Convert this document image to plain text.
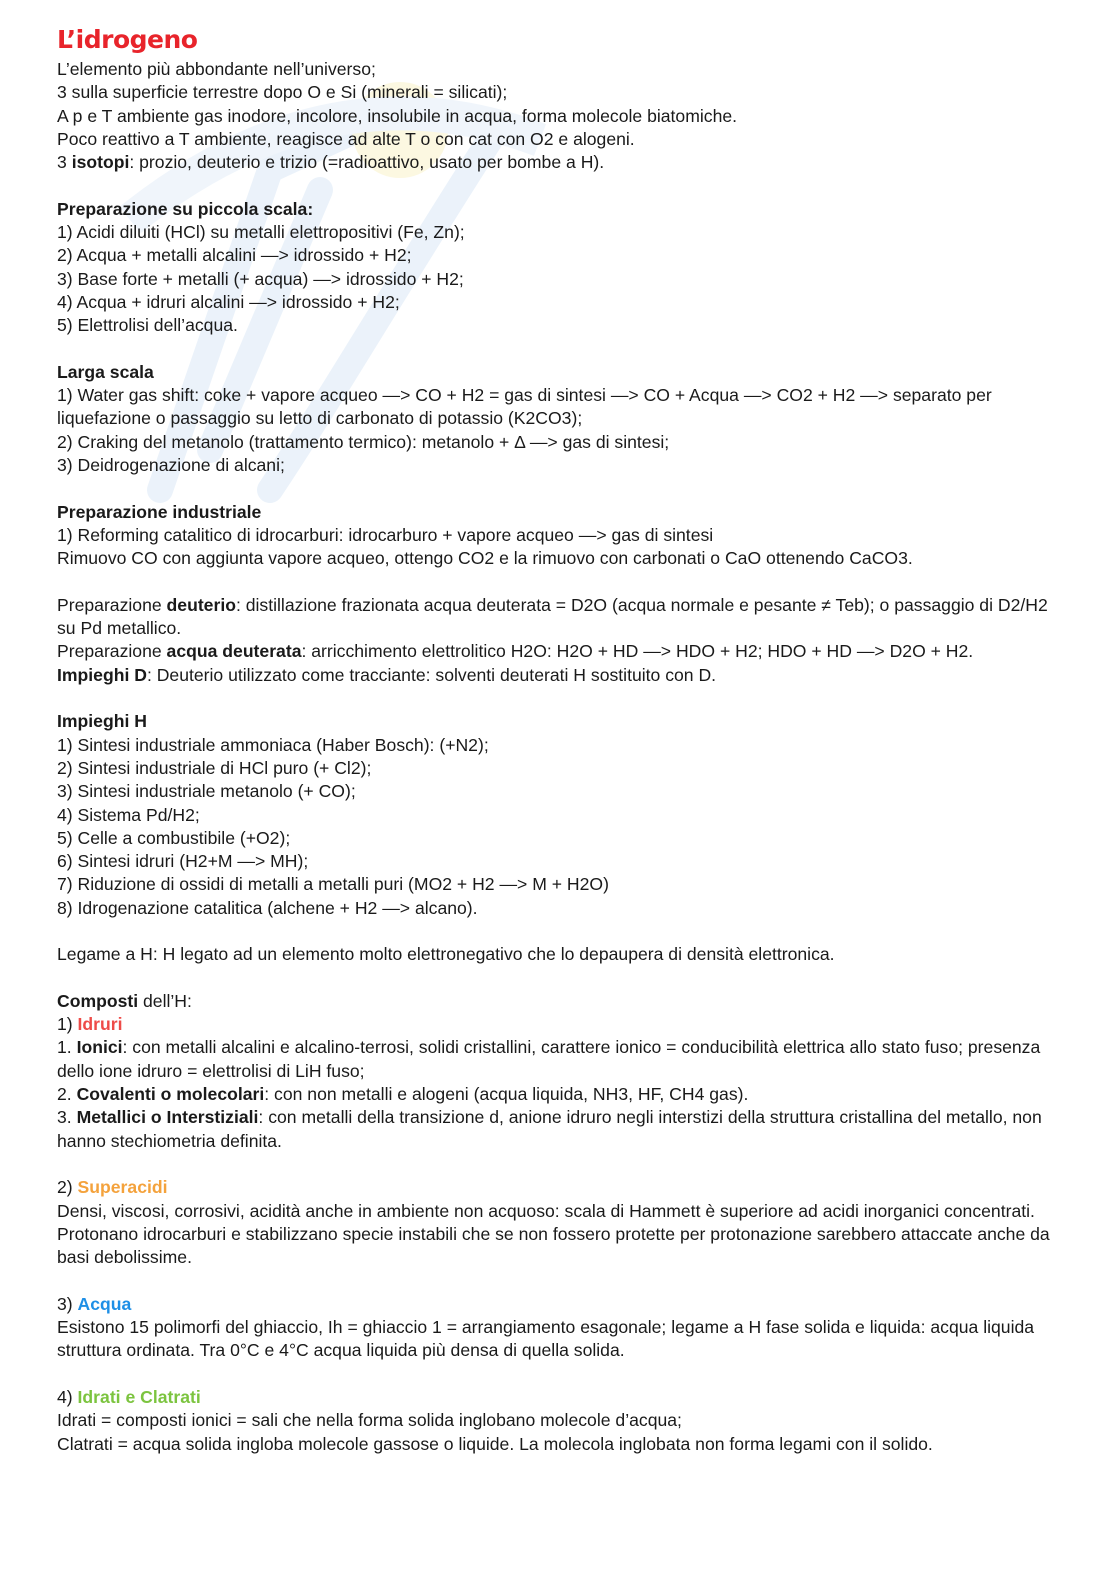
L’idrogeno

L’elemento più abbondante nell’universo;

3 sulla superficie terrestre dopo O e Si (minerali = silicati);

A p e T ambiente gas inodore, incolore, insolubile in acqua, forma molecole biatomiche.

Poco reattivo a T ambiente, reagisce ad alte T o con cat con O2 e alogeni.

3 isotopi: prozio, deuterio e trizio (=radioattivo, usato per bombe a H).

Preparazione su piccola scala:

1) Acidi diluiti (HCl) su metalli elettropositivi (Fe, Zn);

2) Acqua + metalli alcalini —> idrossido + H2;

3) Base forte + metalli (+ acqua) —> idrossido + H2;

4) Acqua + idruri alcalini —> idrossido + H2;

5) Elettrolisi dell’acqua.

Larga scala

1) Water gas shift: coke + vapore acqueo —> CO + H2 = gas di sintesi —> CO + Acqua —> CO2 + H2 —> separato per liquefazione o passaggio su letto di carbonato di potassio (K2CO3);

2) Craking del metanolo (trattamento termico): metanolo + Δ —> gas di sintesi;

3) Deidrogenazione di alcani;

Preparazione industriale

1) Reforming catalitico di idrocarburi: idrocarburo + vapore acqueo —> gas di sintesi

Rimuovo CO con aggiunta vapore acqueo, ottengo CO2 e la rimuovo con carbonati o CaO ottenendo CaCO3.

Preparazione deuterio: distillazione frazionata acqua deuterata = D2O (acqua normale e pesante ≠ Teb); o passaggio di D2/H2 su Pd metallico.

Preparazione acqua deuterata: arricchimento elettrolitico H2O: H2O + HD —> HDO + H2; HDO + HD —> D2O + H2.

Impieghi D: Deuterio utilizzato come tracciante: solventi deuterati H sostituito con D.

Impieghi H

1) Sintesi industriale ammoniaca (Haber Bosch): (+N2);

2) Sintesi industriale di HCl puro (+ Cl2);

3) Sintesi industriale metanolo (+ CO);

4) Sistema Pd/H2;

5) Celle a combustibile (+O2);

6) Sintesi idruri (H2+M —> MH);

7) Riduzione di ossidi di metalli a metalli puri (MO2 + H2 —> M + H2O)

8) Idrogenazione catalitica (alchene + H2 —> alcano).

Legame a H: H legato ad un elemento molto elettronegativo che lo depaupera di densità elettronica.

Composti dell’H:

1) Idruri

1. Ionici: con metalli alcalini e alcalino-terrosi, solidi cristallini, carattere ionico = conducibilità elettrica allo stato fuso; presenza dello ione idruro = elettrolisi di LiH fuso;

2. Covalenti o molecolari: con non metalli e alogeni (acqua liquida, NH3, HF, CH4 gas).

3. Metallici o Interstiziali: con metalli della transizione d, anione idruro negli interstizi della struttura cristallina del metallo, non hanno stechiometria definita.

2) Superacidi

Densi, viscosi, corrosivi, acidità anche in ambiente non acquoso: scala di Hammett è superiore ad acidi inorganici concentrati.

Protonano idrocarburi e stabilizzano specie instabili che se non fossero protette per protonazione sarebbero attaccate anche da basi debolissime.

3) Acqua

Esistono 15 polimorfi del ghiaccio, Ih = ghiaccio 1 = arrangiamento esagonale; legame a H fase solida e liquida: acqua liquida struttura ordinata. Tra 0°C e 4°C acqua liquida più densa di quella solida.

4) Idrati e Clatrati

Idrati = composti ionici = sali che nella forma solida inglobano molecole d’acqua;

Clatrati = acqua solida ingloba molecole gassose o liquide. La molecola inglobata non forma legami con il solido.
